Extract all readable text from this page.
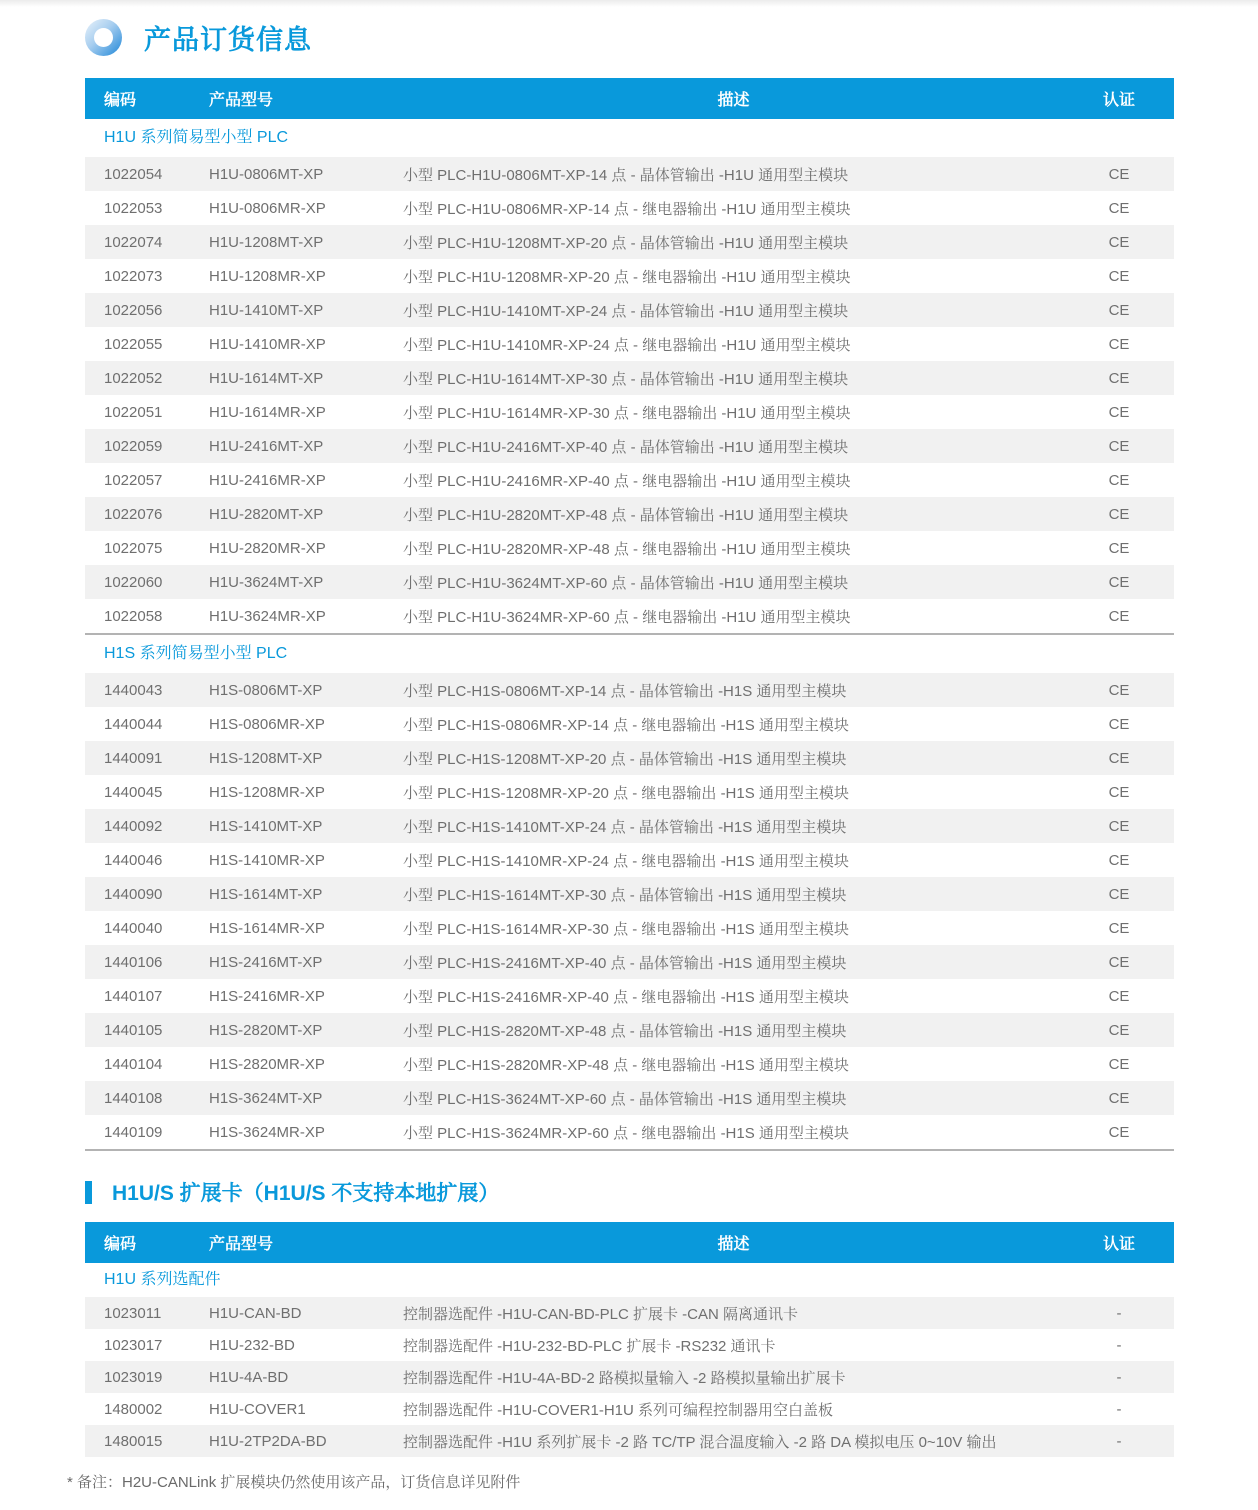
产品订货信息
编码	产品型号	描述	认证
H1U 系列简易型小型 PLC
1022054	H1U-0806MT-XP	小型 PLC-H1U-0806MT-XP-14 点 - 晶体管输出 -H1U 通用型主模块	CE
1022053	H1U-0806MR-XP	小型 PLC-H1U-0806MR-XP-14 点 - 继电器输出 -H1U 通用型主模块	CE
1022074	H1U-1208MT-XP	小型 PLC-H1U-1208MT-XP-20 点 - 晶体管输出 -H1U 通用型主模块	CE
1022073	H1U-1208MR-XP	小型 PLC-H1U-1208MR-XP-20 点 - 继电器输出 -H1U 通用型主模块	CE
1022056	H1U-1410MT-XP	小型 PLC-H1U-1410MT-XP-24 点 - 晶体管输出 -H1U 通用型主模块	CE
1022055	H1U-1410MR-XP	小型 PLC-H1U-1410MR-XP-24 点 - 继电器输出 -H1U 通用型主模块	CE
1022052	H1U-1614MT-XP	小型 PLC-H1U-1614MT-XP-30 点 - 晶体管输出 -H1U 通用型主模块	CE
1022051	H1U-1614MR-XP	小型 PLC-H1U-1614MR-XP-30 点 - 继电器输出 -H1U 通用型主模块	CE
1022059	H1U-2416MT-XP	小型 PLC-H1U-2416MT-XP-40 点 - 晶体管输出 -H1U 通用型主模块	CE
1022057	H1U-2416MR-XP	小型 PLC-H1U-2416MR-XP-40 点 - 继电器输出 -H1U 通用型主模块	CE
1022076	H1U-2820MT-XP	小型 PLC-H1U-2820MT-XP-48 点 - 晶体管输出 -H1U 通用型主模块	CE
1022075	H1U-2820MR-XP	小型 PLC-H1U-2820MR-XP-48 点 - 继电器输出 -H1U 通用型主模块	CE
1022060	H1U-3624MT-XP	小型 PLC-H1U-3624MT-XP-60 点 - 晶体管输出 -H1U 通用型主模块	CE
1022058	H1U-3624MR-XP	小型 PLC-H1U-3624MR-XP-60 点 - 继电器输出 -H1U 通用型主模块	CE
H1S 系列简易型小型 PLC
1440043	H1S-0806MT-XP	小型 PLC-H1S-0806MT-XP-14 点 - 晶体管输出 -H1S 通用型主模块	CE
1440044	H1S-0806MR-XP	小型 PLC-H1S-0806MR-XP-14 点 - 继电器输出 -H1S 通用型主模块	CE
1440091	H1S-1208MT-XP	小型 PLC-H1S-1208MT-XP-20 点 - 晶体管输出 -H1S 通用型主模块	CE
1440045	H1S-1208MR-XP	小型 PLC-H1S-1208MR-XP-20 点 - 继电器输出 -H1S 通用型主模块	CE
1440092	H1S-1410MT-XP	小型 PLC-H1S-1410MT-XP-24 点 - 晶体管输出 -H1S 通用型主模块	CE
1440046	H1S-1410MR-XP	小型 PLC-H1S-1410MR-XP-24 点 - 继电器输出 -H1S 通用型主模块	CE
1440090	H1S-1614MT-XP	小型 PLC-H1S-1614MT-XP-30 点 - 晶体管输出 -H1S 通用型主模块	CE
1440040	H1S-1614MR-XP	小型 PLC-H1S-1614MR-XP-30 点 - 继电器输出 -H1S 通用型主模块	CE
1440106	H1S-2416MT-XP	小型 PLC-H1S-2416MT-XP-40 点 - 晶体管输出 -H1S 通用型主模块	CE
1440107	H1S-2416MR-XP	小型 PLC-H1S-2416MR-XP-40 点 - 继电器输出 -H1S 通用型主模块	CE
1440105	H1S-2820MT-XP	小型 PLC-H1S-2820MT-XP-48 点 - 晶体管输出 -H1S 通用型主模块	CE
1440104	H1S-2820MR-XP	小型 PLC-H1S-2820MR-XP-48 点 - 继电器输出 -H1S 通用型主模块	CE
1440108	H1S-3624MT-XP	小型 PLC-H1S-3624MT-XP-60 点 - 晶体管输出 -H1S 通用型主模块	CE
1440109	H1S-3624MR-XP	小型 PLC-H1S-3624MR-XP-60 点 - 继电器输出 -H1S 通用型主模块	CE
H1U/S 扩展卡（H1U/S 不支持本地扩展）
编码	产品型号	描述	认证
H1U 系列选配件
1023011	H1U-CAN-BD	控制器选配件 -H1U-CAN-BD-PLC 扩展卡 -CAN 隔离通讯卡	-
1023017	H1U-232-BD	控制器选配件 -H1U-232-BD-PLC 扩展卡 -RS232 通讯卡	-
1023019	H1U-4A-BD	控制器选配件 -H1U-4A-BD-2 路模拟量输入 -2 路模拟量输出扩展卡	-
1480002	H1U-COVER1	控制器选配件 -H1U-COVER1-H1U 系列可编程控制器用空白盖板	-
1480015	H1U-2TP2DA-BD	控制器选配件 -H1U 系列扩展卡 -2 路 TC/TP 混合温度输入 -2 路 DA 模拟电压 0~10V 输出	-
* 备注：H2U-CANLink 扩展模块仍然使用该产品，订货信息详见附件
